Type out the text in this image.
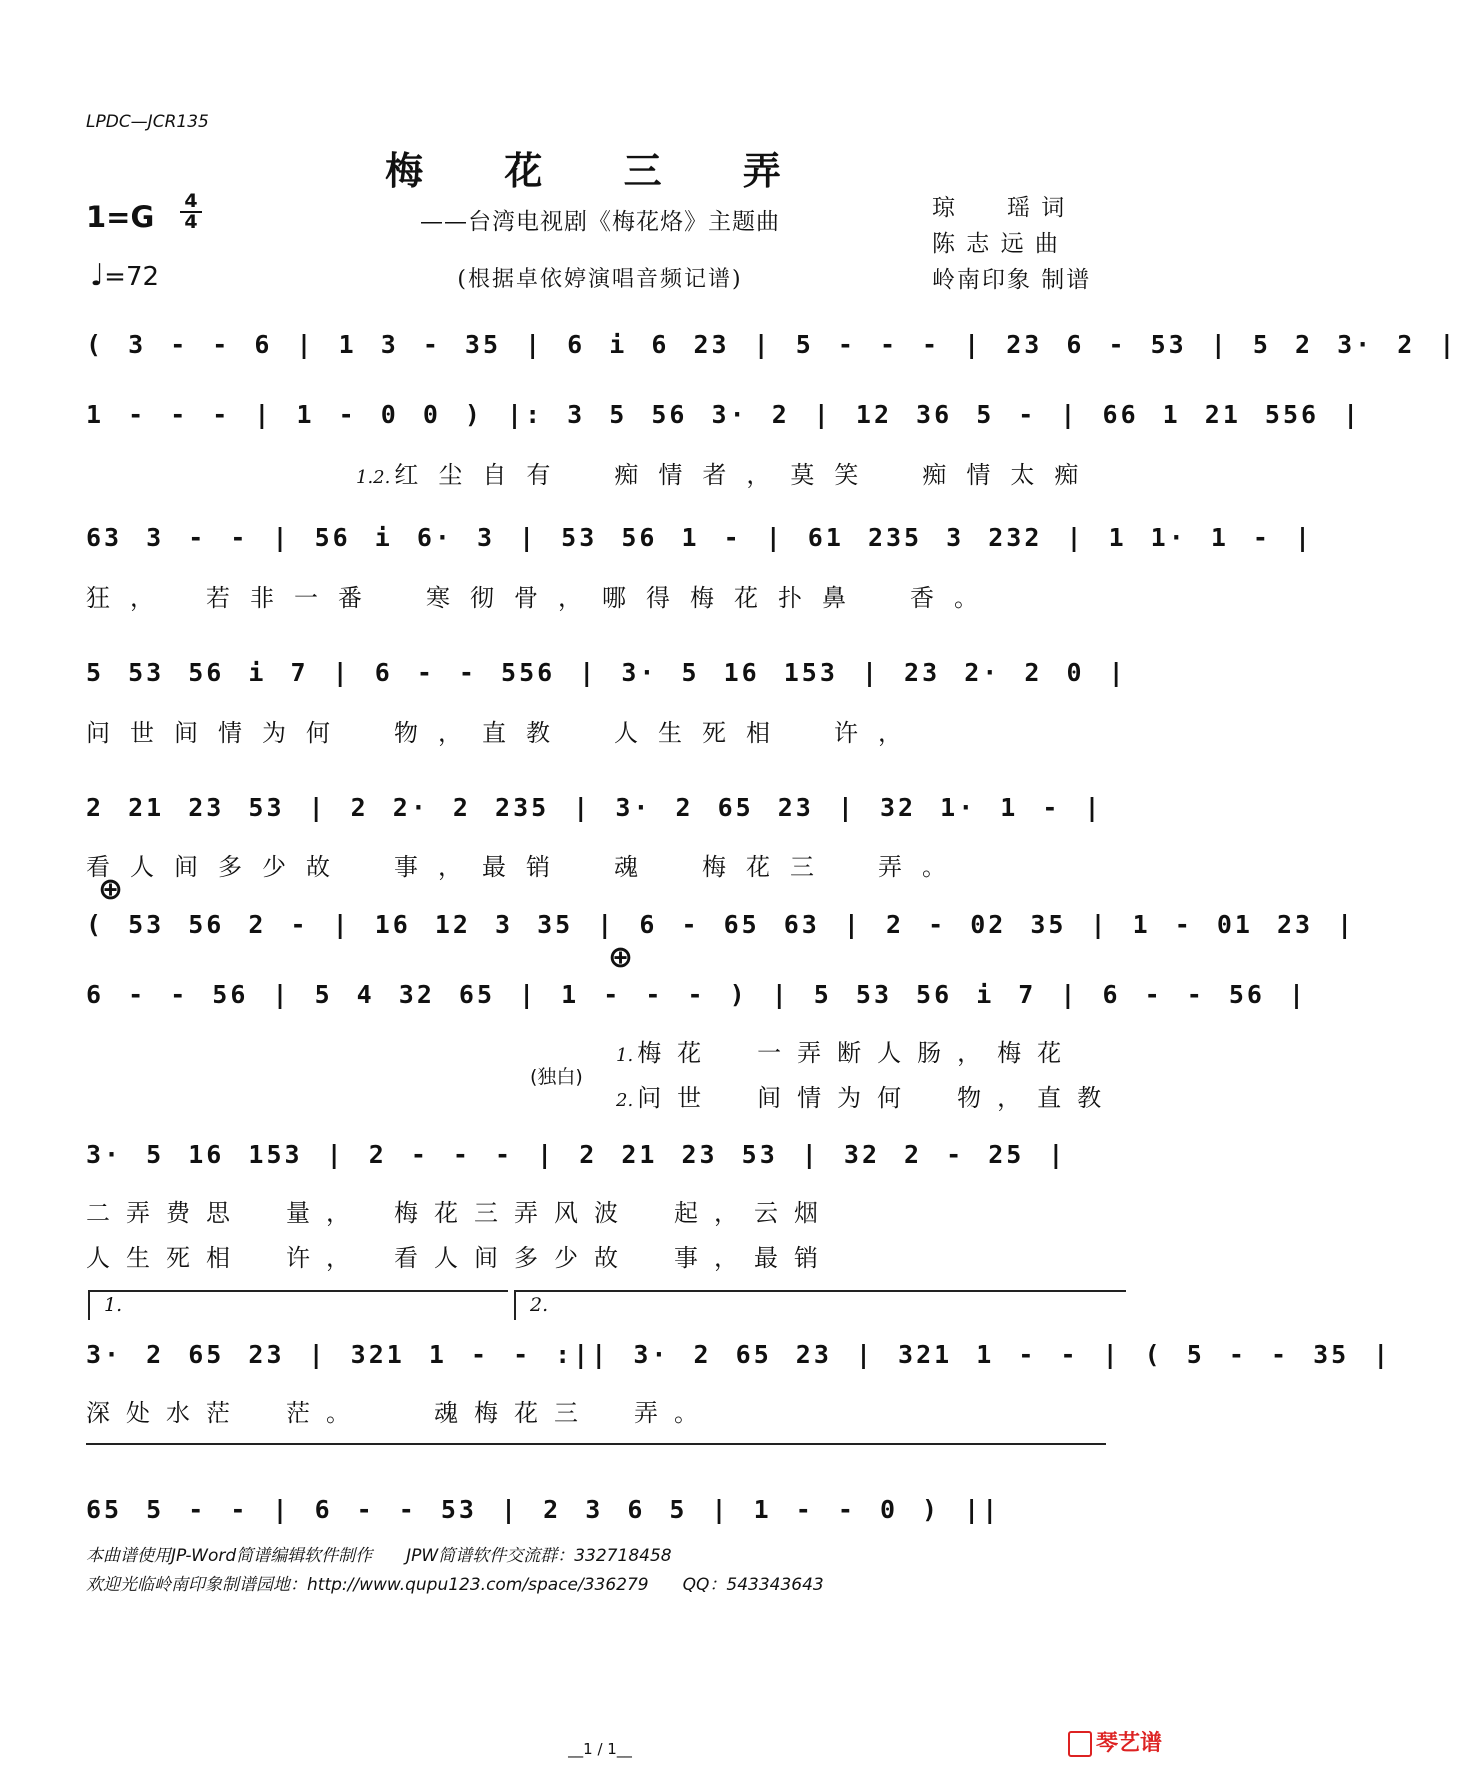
LPDC—JCR135
梅 花 三 弄
——台湾电视剧《梅花烙》主题曲
(根据卓依婷演唱音频记谱)
1=G 4
4
♩=72
琼　　瑶 词
陈 志 远 曲
岭南印象 制谱
( 3 - - 6 | 1 3 - 35 | 6 i 6 23 | 5 - - - | 23 6 - 53 | 5 2 3· 2 |
1 - - - | 1 - 0 0 ) |: 3 5 56 3· 2 | 12 36 5 - | 66 1 21 556 |
1.2. 红尘自有　痴情者，莫笑　痴情太痴
63 3 - - | 56 i 6· 3 | 53 56 1 - | 61 235 3 232 | 1 1· 1 - |
狂，　若非一番　寒彻骨，哪得梅花扑鼻　香。
5 53 56 i 7 | 6 - - 556 | 3· 5 16 153 | 23 2· 2 0 |
问世间情为何　物，直教　人生死相　许，
2 21 23 53 | 2 2· 2 235 | 3· 2 65 23 | 32 1· 1 - |
看人间多少故　事，最销　魂　梅花三　弄。
⊕
( 53 56 2 - | 16 12 3 35 | 6 - 65 63 | 2 - 02 35 | 1 - 01 23 |
⊕
6 - - 56 | 5 4 32 65 | 1 - - - ) | 5 53 56 i 7 | 6 - - 56 |
1. 梅花　一弄断人肠，梅花
(独白)
2. 问世　间情为何　物，直教
3· 5 16 153 | 2 - - - | 2 21 23 53 | 32 2 - 25 |
二弄费思　量，　梅花三弄风波　起，云烟
人生死相　许，　看人间多少故　事，最销
1.	2.
3· 2 65 23 | 321 1 - - :|| 3· 2 65 23 | 321 1 - - | ( 5 - - 35 |
深处水茫　茫。　　魂梅花三　弄。
65 5 - - | 6 - - 53 | 2 3 6 5 | 1 - - 0 ) ||
本曲谱使用JP-Word简谱编辑软件制作　　JPW简谱软件交流群：332718458
欢迎光临岭南印象制谱园地：http://www.qupu123.com/space/336279　　QQ：543343643
__1 / 1__	琴艺谱
